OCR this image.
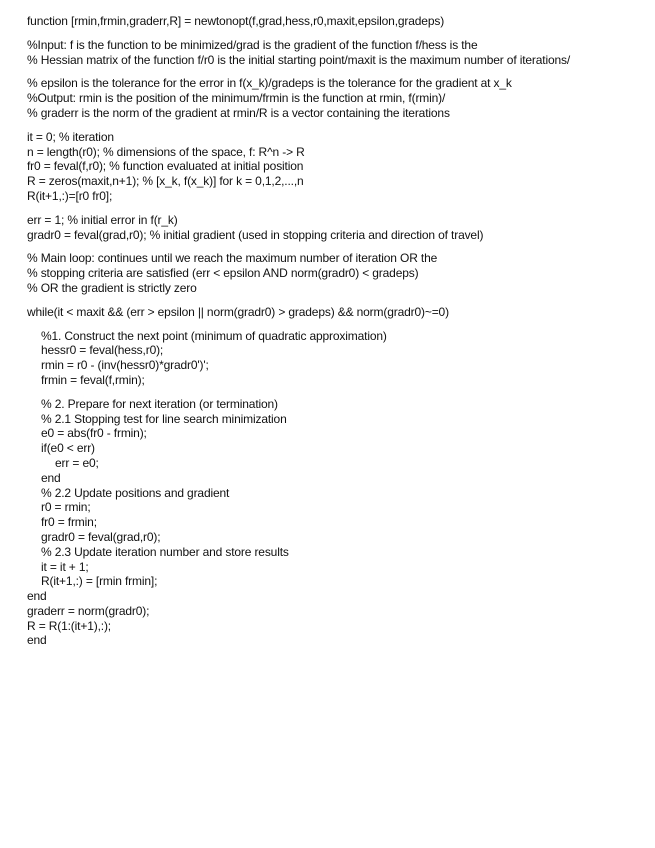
function [rmin,frmin,graderr,R] = newtonopt(f,grad,hess,r0,maxit,epsilon,gradeps)
%Input: f is the function to be minimized/grad is the gradient of the function f/hess is the
% Hessian matrix of the function f/r0 is the initial starting point/maxit is the maximum number of iterations/
% epsilon is the tolerance for the error in f(x_k)/gradeps is the tolerance for the gradient at x_k
%Output: rmin is the position of the minimum/frmin is the function at rmin, f(rmin)/
% graderr is the norm of the gradient at rmin/R is a vector containing the iterations
it = 0; % iteration
n = length(r0); % dimensions of the space, f: R^n -> R
fr0 = feval(f,r0); % function evaluated at initial position
R = zeros(maxit,n+1); % [x_k, f(x_k)] for k = 0,1,2,...,n
R(it+1,:)=[r0 fr0];
err = 1; % initial error in f(r_k)
gradr0 = feval(grad,r0); % initial gradient (used in stopping criteria and direction of travel)
% Main loop: continues until we reach the maximum number of iteration OR the
% stopping criteria are satisfied (err < epsilon AND norm(gradr0) < gradeps)
% OR the gradient is strictly zero
while(it < maxit && (err > epsilon || norm(gradr0) > gradeps) && norm(gradr0)~=0)
%1. Construct the next point (minimum of quadratic approximation)
hessr0 = feval(hess,r0);
rmin = r0 - (inv(hessr0)*gradr0')';
frmin = feval(f,rmin);
% 2. Prepare for next iteration (or termination)
% 2.1 Stopping test for line search minimization
e0 = abs(fr0 - frmin);
if(e0 < err)
err = e0;
end
% 2.2 Update positions and gradient
r0 = rmin;
fr0 = frmin;
gradr0 = feval(grad,r0);
% 2.3 Update iteration number and store results
it = it + 1;
R(it+1,:) = [rmin frmin];
end
graderr = norm(gradr0);
R = R(1:(it+1),:);
end
